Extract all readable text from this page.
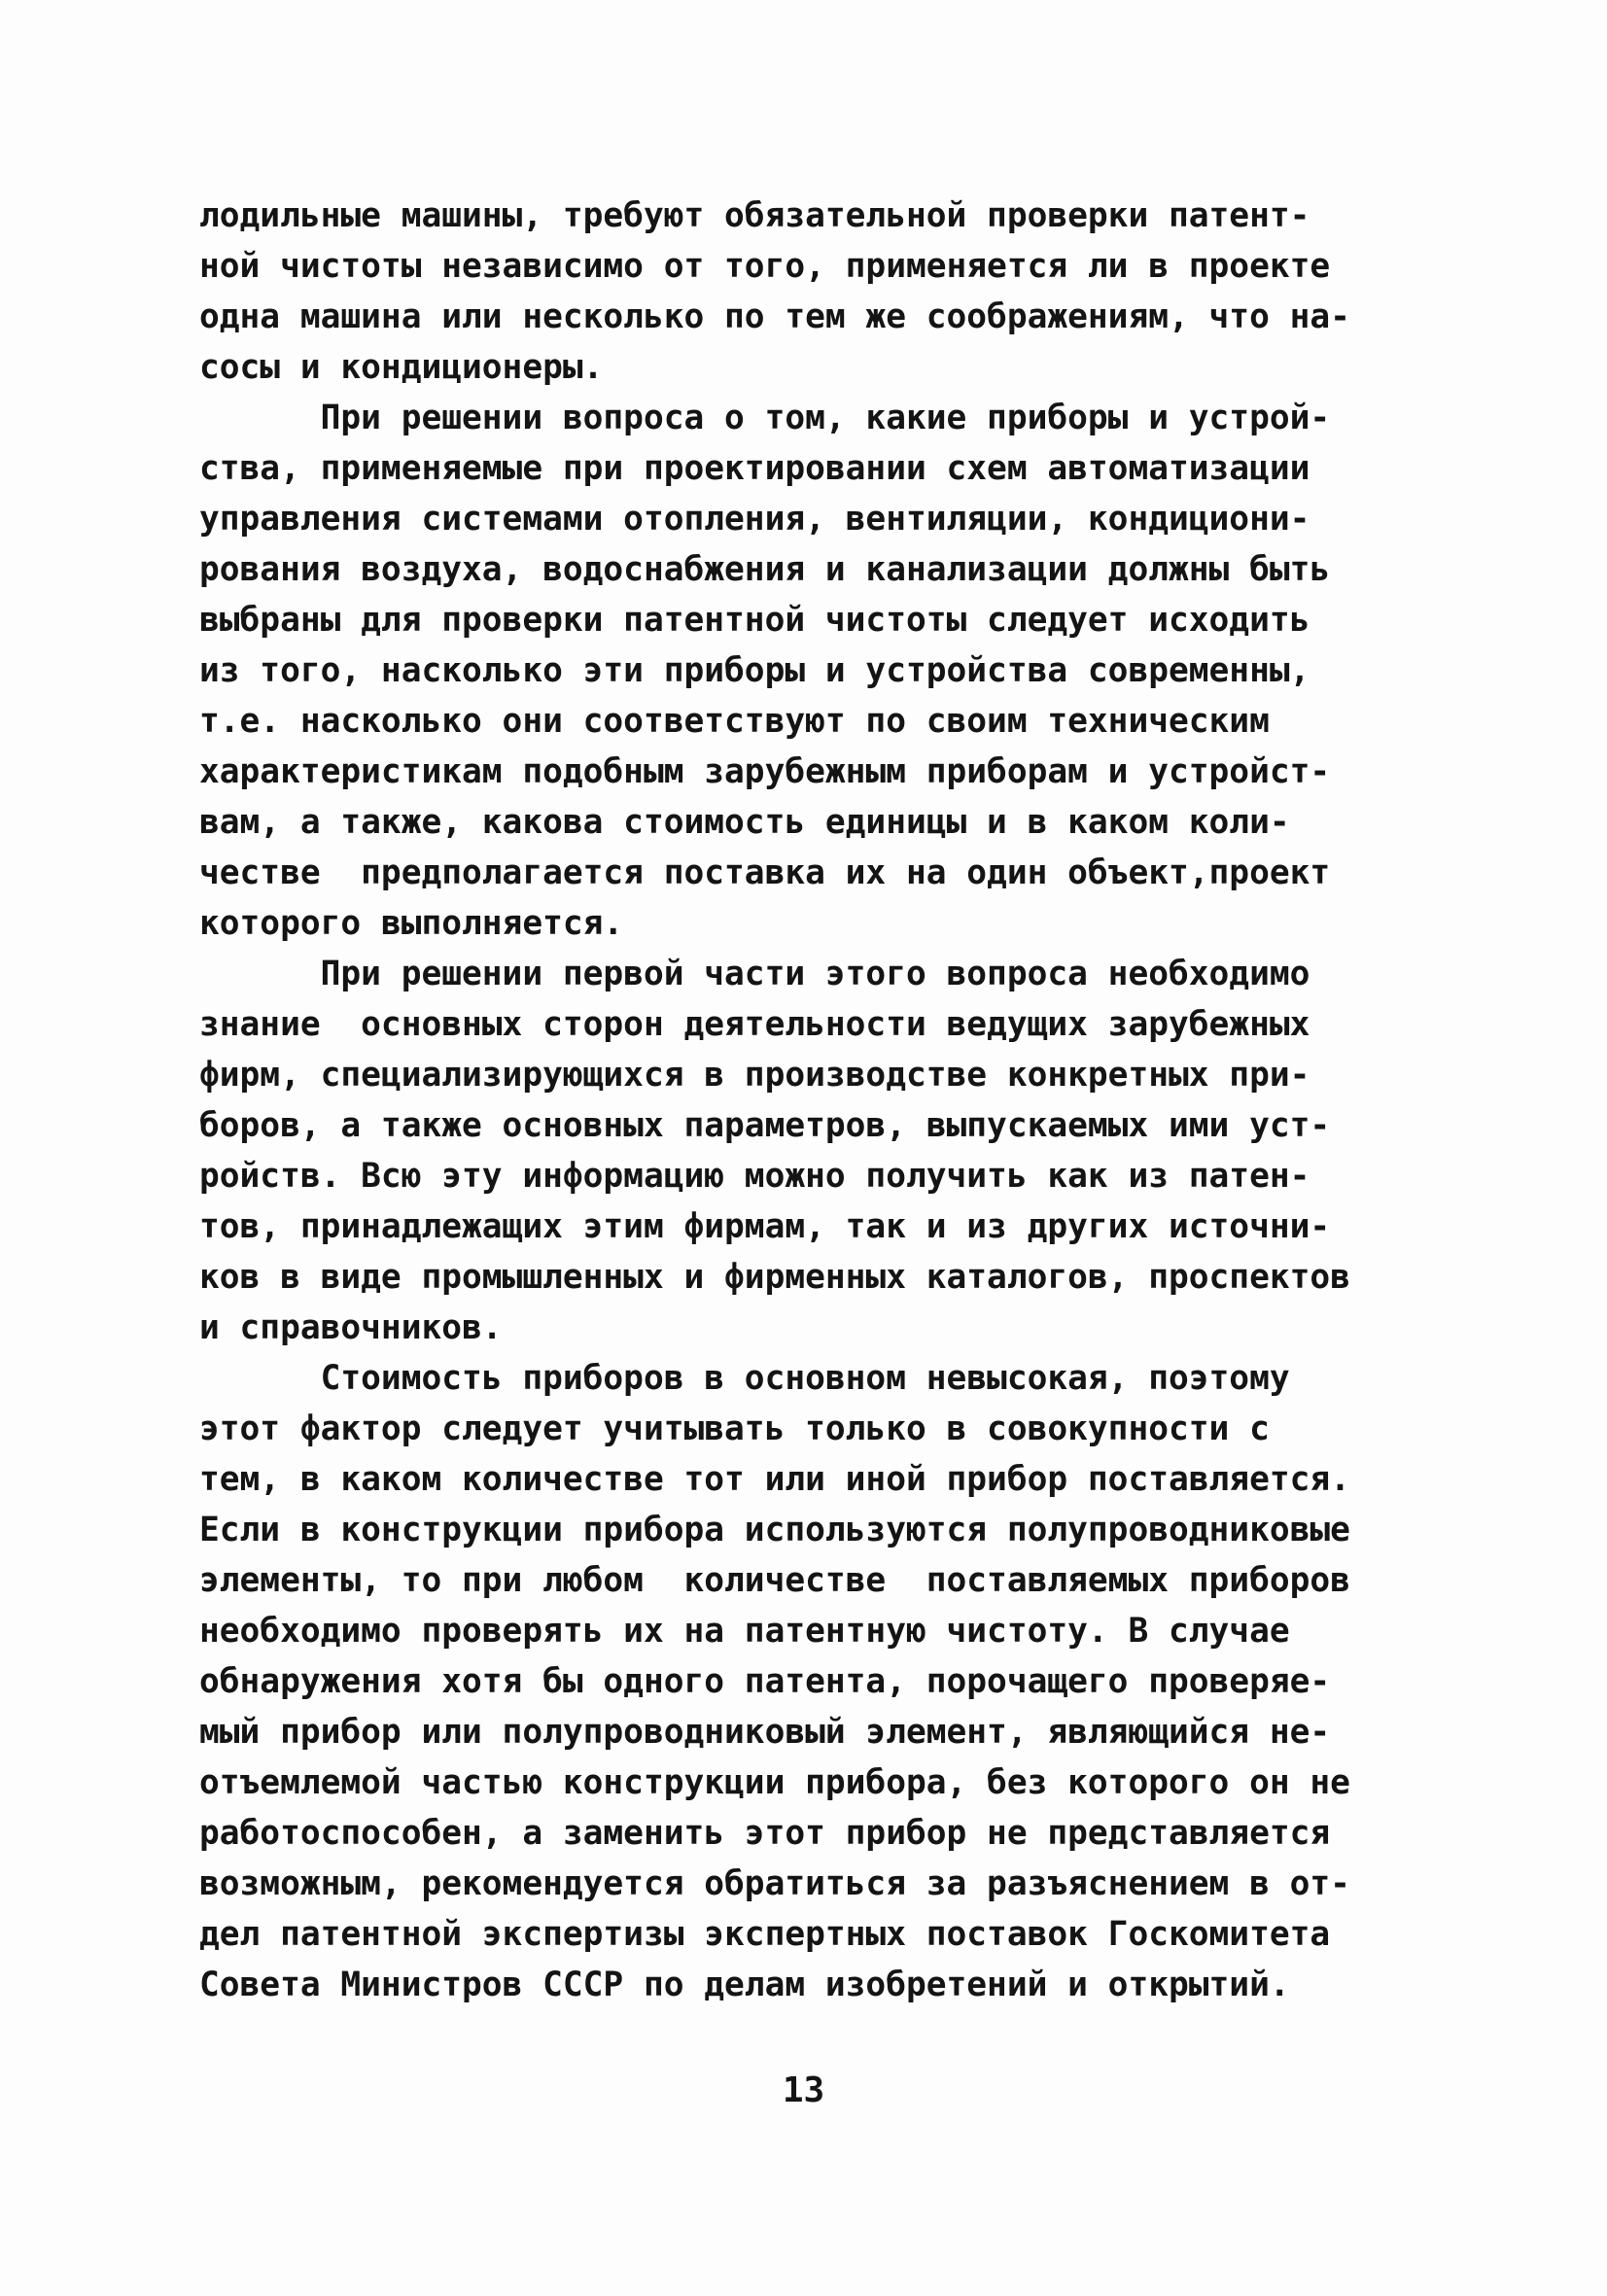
лодильные машины, требуют обязательной проверки патент-
ной чистоты независимо от того, применяется ли в проекте
одна машина или несколько по тем же соображениям, что на-
сосы и кондиционеры.
При решении вопроса о том, какие приборы и устрой-
ства, применяемые при проектировании схем автоматизации
управления системами отопления, вентиляции, кондициони-
рования воздуха, водоснабжения и канализации должны быть
выбраны для проверки патентной чистоты следует исходить
из того, насколько эти приборы и устройства современны,
т.е. насколько они соответствуют по своим техническим
характеристикам подобным зарубежным приборам и устройст-
вам, а также, какова стоимость единицы и в каком коли-
честве  предполагается поставка их на один объект,проект
которого выполняется.
При решении первой части этого вопроса необходимо
знание  основных сторон деятельности ведущих зарубежных
фирм, специализирующихся в производстве конкретных при-
боров, а также основных параметров, выпускаемых ими уст-
ройств. Всю эту информацию можно получить как из патен-
тов, принадлежащих этим фирмам, так и из других источни-
ков в виде промышленных и фирменных каталогов, проспектов
и справочников.
Стоимость приборов в основном невысокая, поэтому
этот фактор следует учитывать только в совокупности с
тем, в каком количестве тот или иной прибор поставляется.
Если в конструкции прибора используются полупроводниковые
элементы, то при любом  количестве  поставляемых приборов
необходимо проверять их на патентную чистоту. В случае
обнаружения хотя бы одного патента, порочащего проверяе-
мый прибор или полупроводниковый элемент, являющийся не-
отъемлемой частью конструкции прибора, без которого он не
работоспособен, а заменить этот прибор не представляется
возможным, рекомендуется обратиться за разъяснением в от-
дел патентной экспертизы экспертных поставок Госкомитета
Совета Министров СССР по делам изобретений и открытий.
13
